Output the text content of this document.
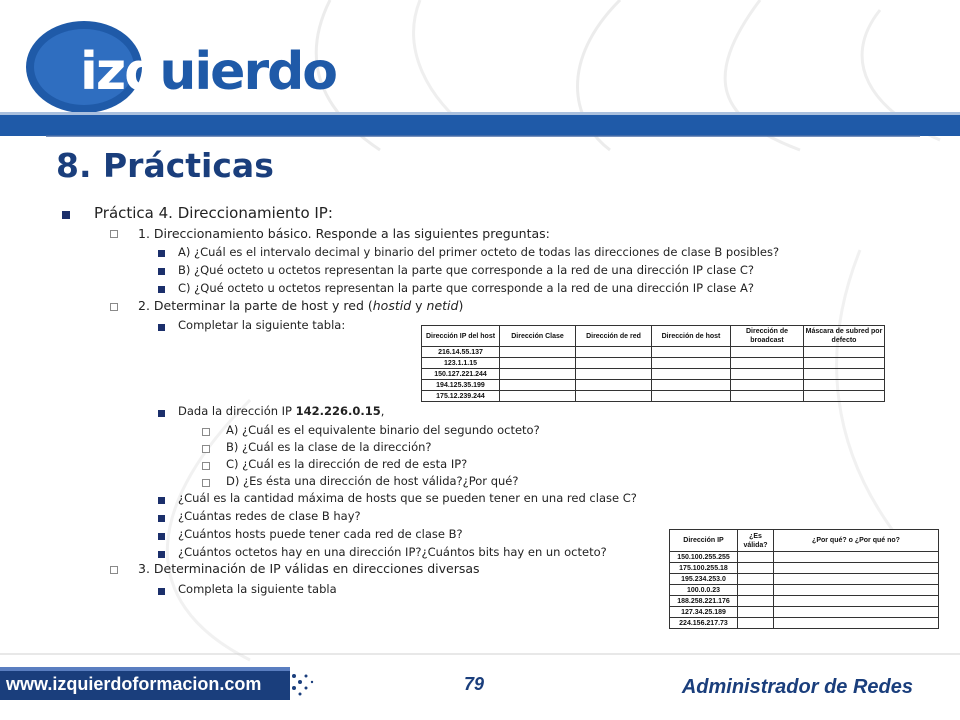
izquierdo
8. Prácticas
Práctica 4. Direccionamiento IP:
1. Direccionamiento básico. Responde a las siguientes preguntas:
A) ¿Cuál es el intervalo decimal y binario del primer octeto de todas las direcciones de clase B posibles?
B) ¿Qué octeto u octetos representan la parte que corresponde a la red de una dirección IP clase C?
C) ¿Qué octeto u octetos representan la parte que corresponde a la red de una dirección IP clase A?
2. Determinar la parte de host y red (hostid y netid)
Completar la siguiente tabla:
Dirección IP del host	Dirección Clase	Dirección de red	Dirección de host	Dirección de broadcast	Máscara de subred por defecto
216.14.55.137					
123.1.1.15					
150.127.221.244					
194.125.35.199					
175.12.239.244					
Dada la dirección IP 142.226.0.15,
A) ¿Cuál es el equivalente binario del segundo octeto?
B) ¿Cuál es la clase de la dirección?
C) ¿Cuál es la dirección de red de esta IP?
D) ¿Es ésta una dirección de host válida?¿Por qué?
¿Cuál es la cantidad máxima de hosts que se pueden tener en una red clase C?
¿Cuántas redes de clase B hay?
¿Cuántos hosts puede tener cada red de clase B?
¿Cuántos octetos hay en una dirección IP?¿Cuántos bits hay en un octeto?
3. Determinación de IP válidas en direcciones diversas
Completa la siguiente tabla
Dirección IP	¿Es válida?	¿Por qué? o ¿Por qué no?
150.100.255.255		
175.100.255.18		
195.234.253.0		
100.0.0.23		
188.258.221.176		
127.34.25.189		
224.156.217.73		
www.izquierdoformacion.com	79	Administrador de Redes
